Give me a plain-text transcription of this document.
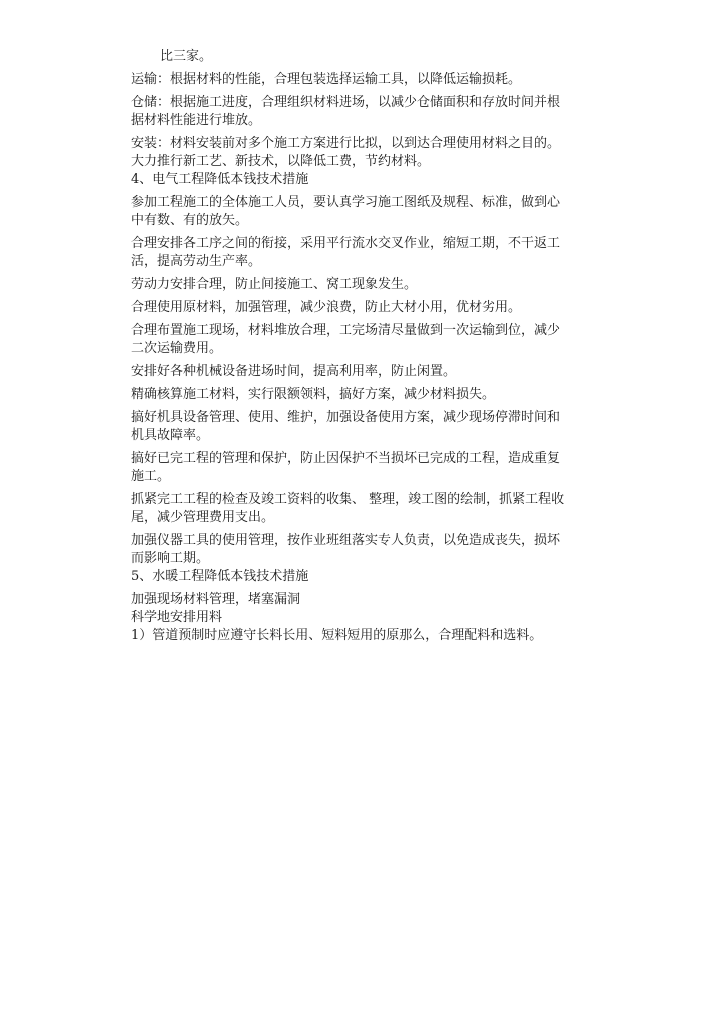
比三家。
运输：根据材料的性能，合理包装选择运输工具，以降低运输损耗。
仓储：根据施工进度，合理组织材料进场，以减少仓储面积和存放时间并根
据材料性能进行堆放。
安装：材料安装前对多个施工方案进行比拟，以到达合理使用材料之目的。
大力推行新工艺、新技术，以降低工费，节约材料。
4、电气工程降低本钱技术措施
参加工程施工的全体施工人员，要认真学习施工图纸及规程、标准，做到心
中有数、有的放矢。
合理安排各工序之间的衔接，采用平行流水交叉作业，缩短工期，不干返工
活，提高劳动生产率。
劳动力安排合理，防止间接施工、窝工现象发生。
合理使用原材料，加强管理，减少浪费，防止大材小用，优材劣用。
合理布置施工现场，材料堆放合理，工完场清尽量做到一次运输到位，减少
二次运输费用。
安排好各种机械设备进场时间，提高利用率，防止闲置。
精确核算施工材料，实行限额领料，搞好方案，减少材料损失。
搞好机具设备管理、使用、维护，加强设备使用方案，减少现场停滞时间和
机具故障率。
搞好已完工程的管理和保护，防止因保护不当损坏已完成的工程，造成重复
施工。
抓紧完工工程的检查及竣工资料的收集、 整理，竣工图的绘制，抓紧工程收
尾，减少管理费用支出。
加强仪器工具的使用管理，按作业班组落实专人负责，以免造成丧失，损坏
而影响工期。
5、水暖工程降低本钱技术措施
加强现场材料管理，堵塞漏洞
科学地安排用料
1）管道预制时应遵守长料长用、短料短用的原那么，合理配料和选料。
